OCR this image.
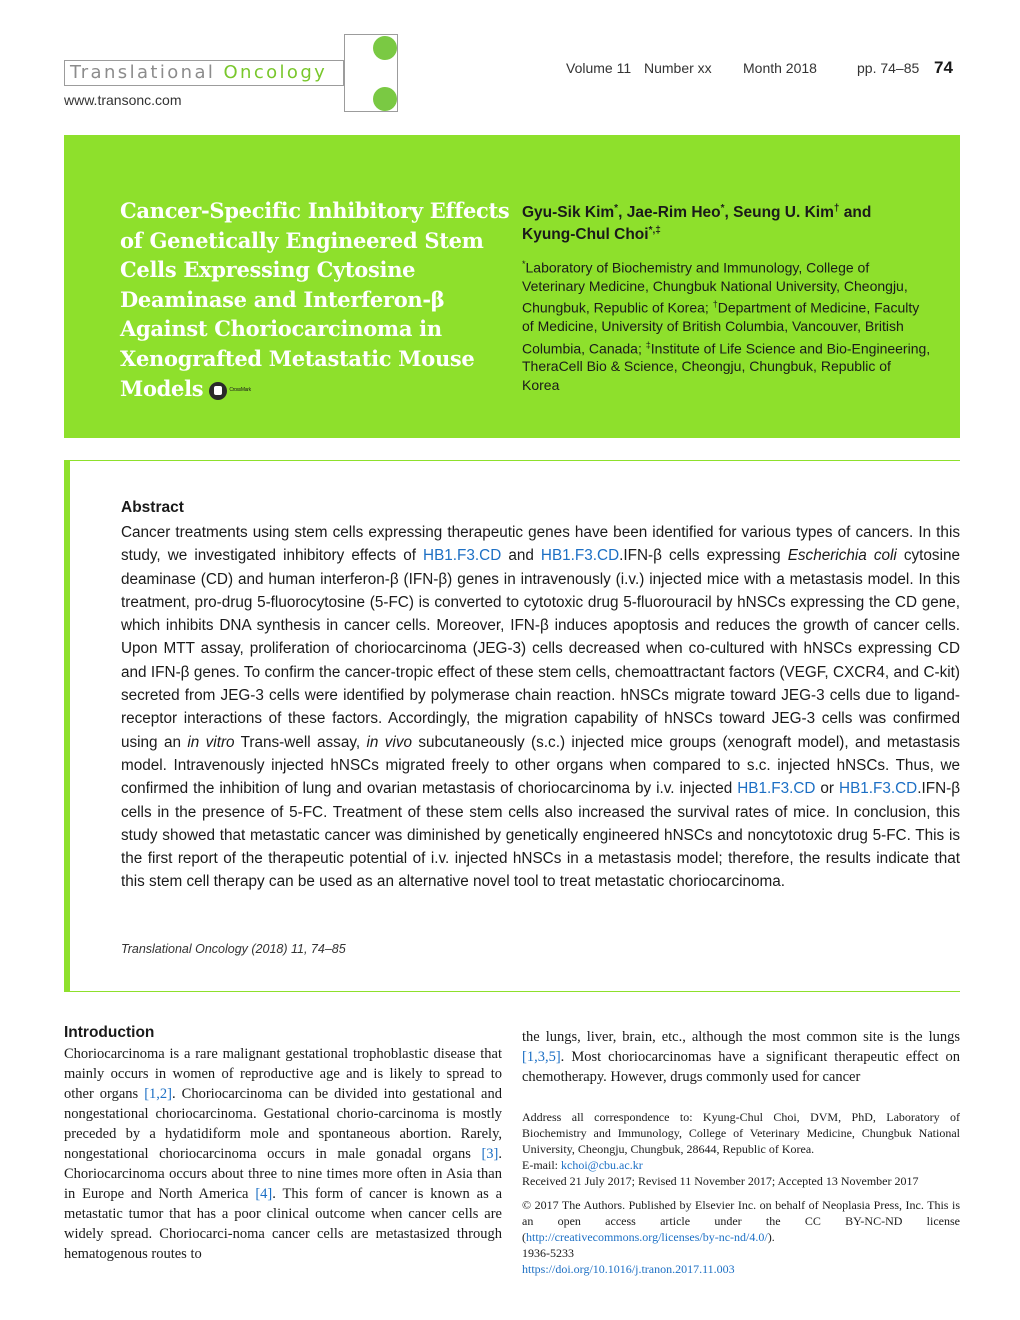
Translational Oncology
www.transonc.com
Volume 11 Number xx Month 2018	pp. 74–85 74
Cancer-Specific Inhibitory Effects of Genetically Engineered Stem Cells Expressing Cytosine Deaminase and Interferon-β Against Choriocarcinoma in Xenografted Metastatic Mouse Models	CrossMark
Gyu-Sik Kim*, Jae-Rim Heo*, Seung U. Kim† and
Kyung-Chul Choi*,‡
*Laboratory of Biochemistry and Immunology, College of Veterinary Medicine, Chungbuk National University, Cheongju, Chungbuk, Republic of Korea; †Department of Medicine, Faculty of Medicine, University of British Columbia, Vancouver, British Columbia, Canada; ‡Institute of Life Science and Bio-Engineering, TheraCell Bio & Science, Cheongju, Chungbuk, Republic of Korea
Abstract
Cancer treatments using stem cells expressing therapeutic genes have been identified for various types of cancers. In this study, we investigated inhibitory effects of HB1.F3.CD and HB1.F3.CD.IFN-β cells expressing Escherichia coli cytosine deaminase (CD) and human interferon-β (IFN-β) genes in intravenously (i.v.) injected mice with a metastasis model. In this treatment, pro-drug 5-fluorocytosine (5-FC) is converted to cytotoxic drug 5-fluorouracil by hNSCs expressing the CD gene, which inhibits DNA synthesis in cancer cells. Moreover, IFN-β induces apoptosis and reduces the growth of cancer cells. Upon MTT assay, proliferation of choriocarcinoma (JEG-3) cells decreased when co-cultured with hNSCs expressing CD and IFN-β genes. To confirm the cancer-tropic effect of these stem cells, chemoattractant factors (VEGF, CXCR4, and C-kit) secreted from JEG-3 cells were identified by polymerase chain reaction. hNSCs migrate toward JEG-3 cells due to ligand-receptor interactions of these factors. Accordingly, the migration capability of hNSCs toward JEG-3 cells was confirmed using an in vitro Trans-well assay, in vivo subcutaneously (s.c.) injected mice groups (xenograft model), and metastasis model. Intravenously injected hNSCs migrated freely to other organs when compared to s.c. injected hNSCs. Thus, we confirmed the inhibition of lung and ovarian metastasis of choriocarcinoma by i.v. injected HB1.F3.CD or HB1.F3.CD.IFN-β cells in the presence of 5-FC. Treatment of these stem cells also increased the survival rates of mice. In conclusion, this study showed that metastatic cancer was diminished by genetically engineered hNSCs and noncytotoxic drug 5-FC. This is the first report of the therapeutic potential of i.v. injected hNSCs in a metastasis model; therefore, the results indicate that this stem cell therapy can be used as an alternative novel tool to treat metastatic choriocarcinoma.
Translational Oncology (2018) 11, 74–85
Introduction
Choriocarcinoma is a rare malignant gestational trophoblastic disease that mainly occurs in women of reproductive age and is likely to spread to other organs [1,2]. Choriocarcinoma can be divided into gestational and nongestational choriocarcinoma. Gestational chorio-carcinoma is mostly preceded by a hydatidiform mole and spontaneous abortion. Rarely, nongestational choriocarcinoma occurs in male gonadal organs [3]. Choriocarcinoma occurs about three to nine times more often in Asia than in Europe and North America [4]. This form of cancer is known as a metastatic tumor that has a poor clinical outcome when cancer cells are widely spread. Choriocarci-noma cancer cells are metastasized through hematogenous routes to
the lungs, liver, brain, etc., although the most common site is the lungs [1,3,5]. Most choriocarcinomas have a significant therapeutic effect on chemotherapy. However, drugs commonly used for cancer

Address all correspondence to: Kyung-Chul Choi, DVM, PhD, Laboratory of Biochemistry and Immunology, College of Veterinary Medicine, Chungbuk National University, Cheongju, Chungbuk, 28644, Republic of Korea.

E-mail: kchoi@cbu.ac.kr

Received 21 July 2017; Revised 11 November 2017; Accepted 13 November 2017

© 2017 The Authors. Published by Elsevier Inc. on behalf of Neoplasia Press, Inc. This is an open access article under the CC BY-NC-ND license (http://creativecommons.org/licenses/by-nc-nd/4.0/).

1936-5233

https://doi.org/10.1016/j.tranon.2017.11.003
